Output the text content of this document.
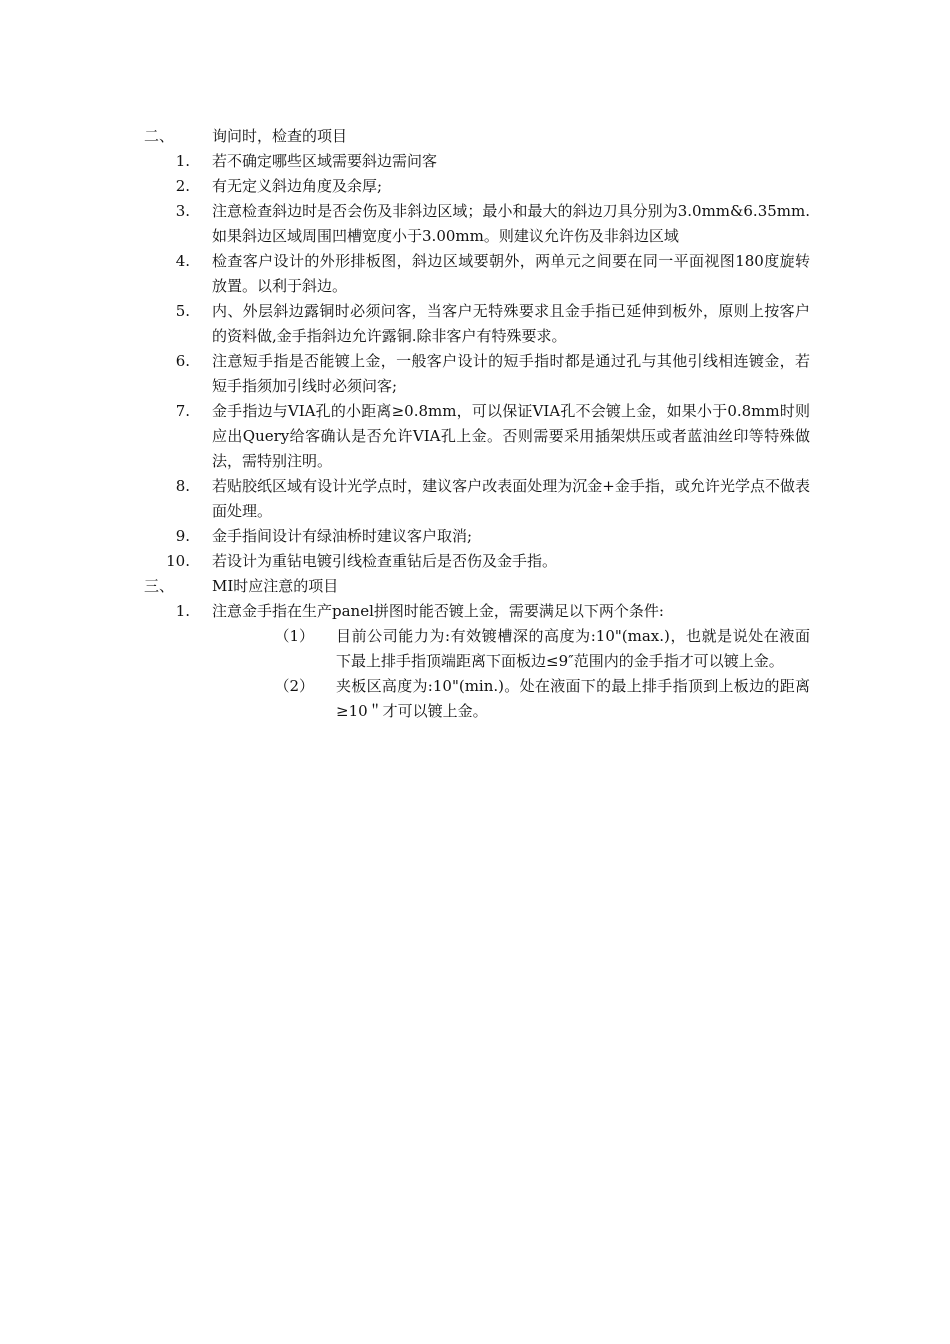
二、	询问时，检查的项目
1.	若不确定哪些区域需要斜边需问客
2.	有无定义斜边角度及余厚;
3.	注意检查斜边时是否会伤及非斜边区域；最小和最大的斜边刀具分别为3.0mm&6.35mm.如果斜边区域周围凹槽宽度小于3.00mm。则建议允许伤及非斜边区域
4.	检查客户设计的外形排板图，斜边区域要朝外，两单元之间要在同一平面视图180度旋转放置。以利于斜边。
5.	内、外层斜边露铜时必须问客，当客户无特殊要求且金手指已延伸到板外，原则上按客户的资料做,金手指斜边允许露铜.除非客户有特殊要求。
6.	注意短手指是否能镀上金，一般客户设计的短手指时都是通过孔与其他引线相连镀金，若短手指须加引线时必须问客;
7.	金手指边与VIA孔的小距离≥0.8mm，可以保证VIA孔不会镀上金，如果小于0.8mm时则应出Query给客确认是否允许VIA孔上金。否则需要采用插架烘压或者蓝油丝印等特殊做法，需特别注明。
8.	若贴胶纸区域有设计光学点时，建议客户改表面处理为沉金+金手指，或允许光学点不做表面处理。
9.	金手指间设计有绿油桥时建议客户取消;
10.	若设计为重钻电镀引线检查重钻后是否伤及金手指。
三、	MI时应注意的项目
1.	注意金手指在生产panel拼图时能否镀上金，需要满足以下两个条件:
（1）	目前公司能力为:有效镀槽深的高度为:10"(max.)，也就是说处在液面下最上排手指顶端距离下面板边≤9″范围内的金手指才可以镀上金。
（2）	夹板区高度为:10"(min.)。处在液面下的最上排手指顶到上板边的距离≥10＂才可以镀上金。
